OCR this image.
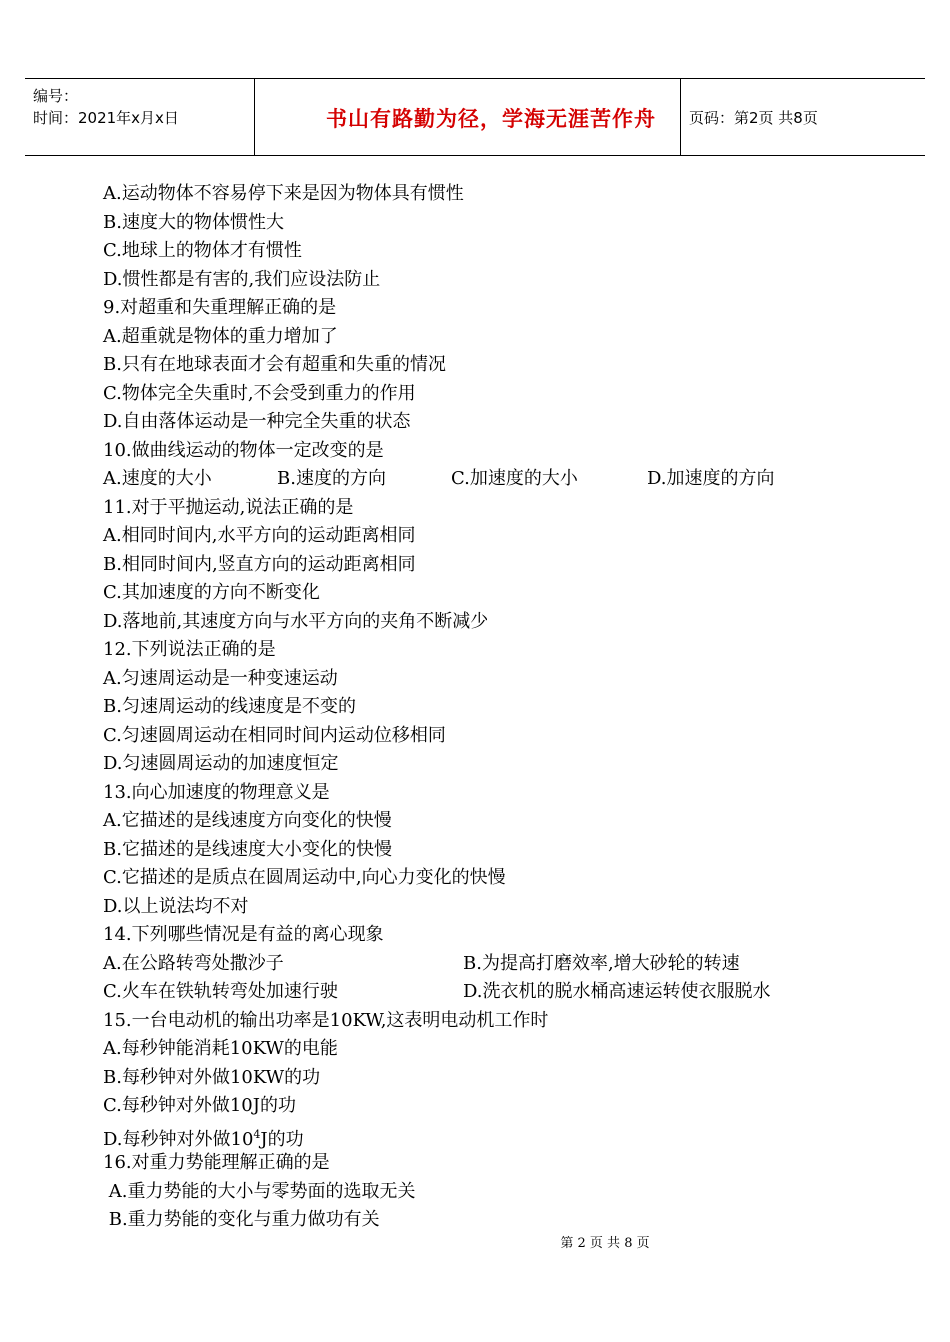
编号：
时间：2021年x月x日	书山有路勤为径，学海无涯苦作舟	页码：第2页 共8页
A.运动物体不容易停下来是因为物体具有惯性
B.速度大的物体惯性大
C.地球上的物体才有惯性
D.惯性都是有害的,我们应设法防止
9.对超重和失重理解正确的是
A.超重就是物体的重力增加了
B.只有在地球表面才会有超重和失重的情况
C.物体完全失重时,不会受到重力的作用
D.自由落体运动是一种完全失重的状态
10.做曲线运动的物体一定改变的是
A.速度的大小	B.速度的方向	C.加速度的大小	D.加速度的方向
11.对于平抛运动,说法正确的是
A.相同时间内,水平方向的运动距离相同
B.相同时间内,竖直方向的运动距离相同
C.其加速度的方向不断变化
D.落地前,其速度方向与水平方向的夹角不断减少
12.下列说法正确的是
A.匀速周运动是一种变速运动
B.匀速周运动的线速度是不变的
C.匀速圆周运动在相同时间内运动位移相同
D.匀速圆周运动的加速度恒定
13.向心加速度的物理意义是
A.它描述的是线速度方向变化的快慢
B.它描述的是线速度大小变化的快慢
C.它描述的是质点在圆周运动中,向心力变化的快慢
D.以上说法均不对
14.下列哪些情况是有益的离心现象
A.在公路转弯处撒沙子	B.为提高打磨效率,增大砂轮的转速
C.火车在铁轨转弯处加速行驶	D.洗衣机的脱水桶高速运转使衣服脱水
15.一台电动机的输出功率是10KW,这表明电动机工作时
A.每秒钟能消耗10KW的电能
B.每秒钟对外做10KW的功
C.每秒钟对外做10J的功
D.每秒钟对外做$10^4J$的功
16.对重力势能理解正确的是
A.重力势能的大小与零势面的选取无关
B.重力势能的变化与重力做功有关
第 2 页 共 8 页
